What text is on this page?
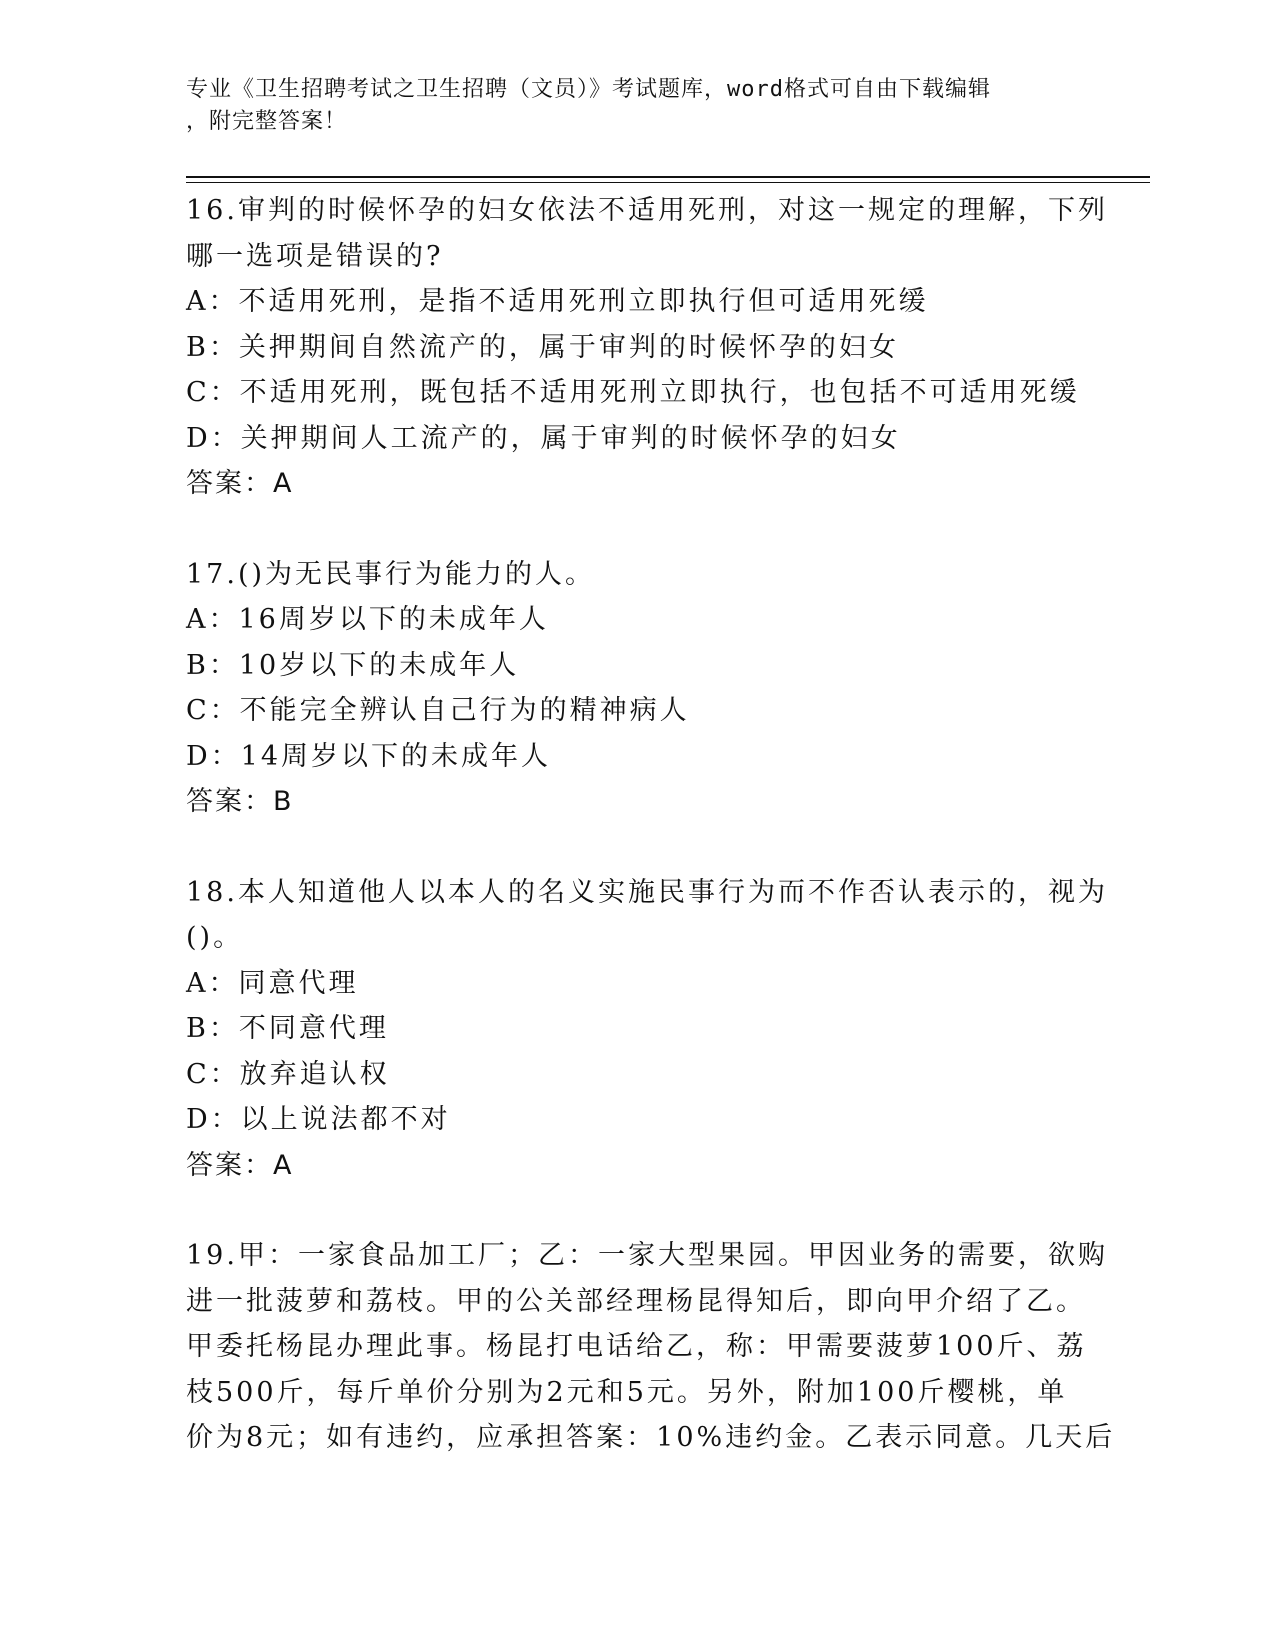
专业《卫生招聘考试之卫生招聘（文员）》考试题库，word格式可自由下载编辑
，附完整答案！
16.审判的时候怀孕的妇女依法不适用死刑，对这一规定的理解，下列
哪一选项是错误的?
A：不适用死刑，是指不适用死刑立即执行但可适用死缓
B：关押期间自然流产的，属于审判的时候怀孕的妇女
C：不适用死刑，既包括不适用死刑立即执行，也包括不可适用死缓
D：关押期间人工流产的，属于审判的时候怀孕的妇女
答案：A
17.()为无民事行为能力的人。
A：16周岁以下的未成年人
B：10岁以下的未成年人
C：不能完全辨认自己行为的精神病人
D：14周岁以下的未成年人
答案：B
18.本人知道他人以本人的名义实施民事行为而不作否认表示的，视为
()。
A：同意代理
B：不同意代理
C：放弃追认权
D：以上说法都不对
答案：A
19.甲：一家食品加工厂；乙：一家大型果园。甲因业务的需要，欲购
进一批菠萝和荔枝。甲的公关部经理杨昆得知后，即向甲介绍了乙。
甲委托杨昆办理此事。杨昆打电话给乙，称：甲需要菠萝100斤、荔
枝500斤，每斤单价分别为2元和5元。另外，附加100斤樱桃，单
价为8元；如有违约，应承担答案：10%违约金。乙表示同意。几天后
